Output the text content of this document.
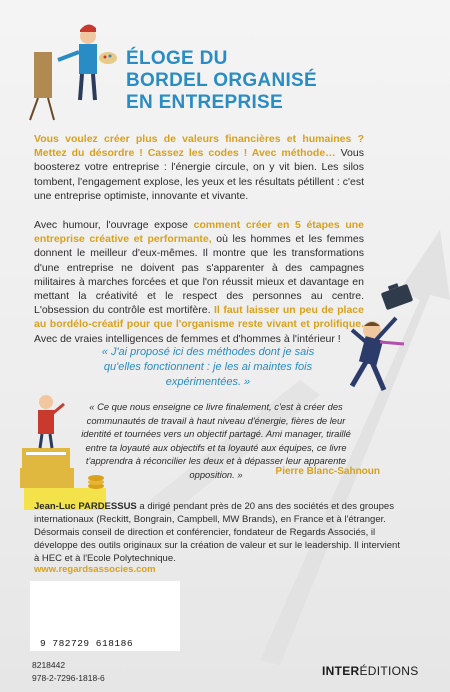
ÉLOGE DU
BORDEL ORGANISÉ
EN ENTREPRISE
Vous voulez créer plus de valeurs financières et humaines ? Mettez du désordre ! Cassez les codes ! Avec méthode… Vous boosterez votre entreprise : l'énergie circule, on y vit bien. Les silos tombent, l'engagement explose, les yeux et les résultats pétillent : c'est une entreprise optimiste, innovante et vivante.
Avec humour, l'ouvrage expose comment créer en 5 étapes une entreprise créative et performante, où les hommes et les femmes donnent le meilleur d'eux-mêmes. Il montre que les transformations d'une entreprise ne doivent pas s'apparenter à des campagnes militaires à marches forcées et que l'on réussit mieux et davantage en mettant la créativité et le respect des personnes au centre. L'obsession du contrôle est mortifère. Il faut laisser un peu de place au bordélo-créatif pour que l'organisme reste vivant et prolifique. Avec de vraies intelligences de femmes et d'hommes à l'intérieur !
« J'ai proposé ici des méthodes dont je sais qu'elles fonctionnent : je les ai maintes fois expérimentées. »
« Ce que nous enseigne ce livre finalement, c'est à créer des communautés de travail à haut niveau d'énergie, fières de leur identité et tournées vers un objectif partagé. Ami manager, tiraillé entre ta loyauté aux objectifs et ta loyauté aux équipes, ce livre t'apprendra à réconcilier les deux et à dépasser leur apparente opposition. »	Pierre Blanc-Sahnoun
Jean-Luc PARDESSUS a dirigé pendant près de 20 ans des sociétés et des groupes internationaux (Reckitt, Bongrain, Campbell, MW Brands), en France et à l'étranger. Désormais conseil de direction et conférencier, fondateur de Regards Associés, il développe des outils originaux sur la création de valeur et sur le leadership. Il intervient à HEC et à l'Ecole Polytechnique.
www.regardsassocies.com
9 782729 618186
8218442
978-2-7296-1818-6	INTERÉDITIONS
